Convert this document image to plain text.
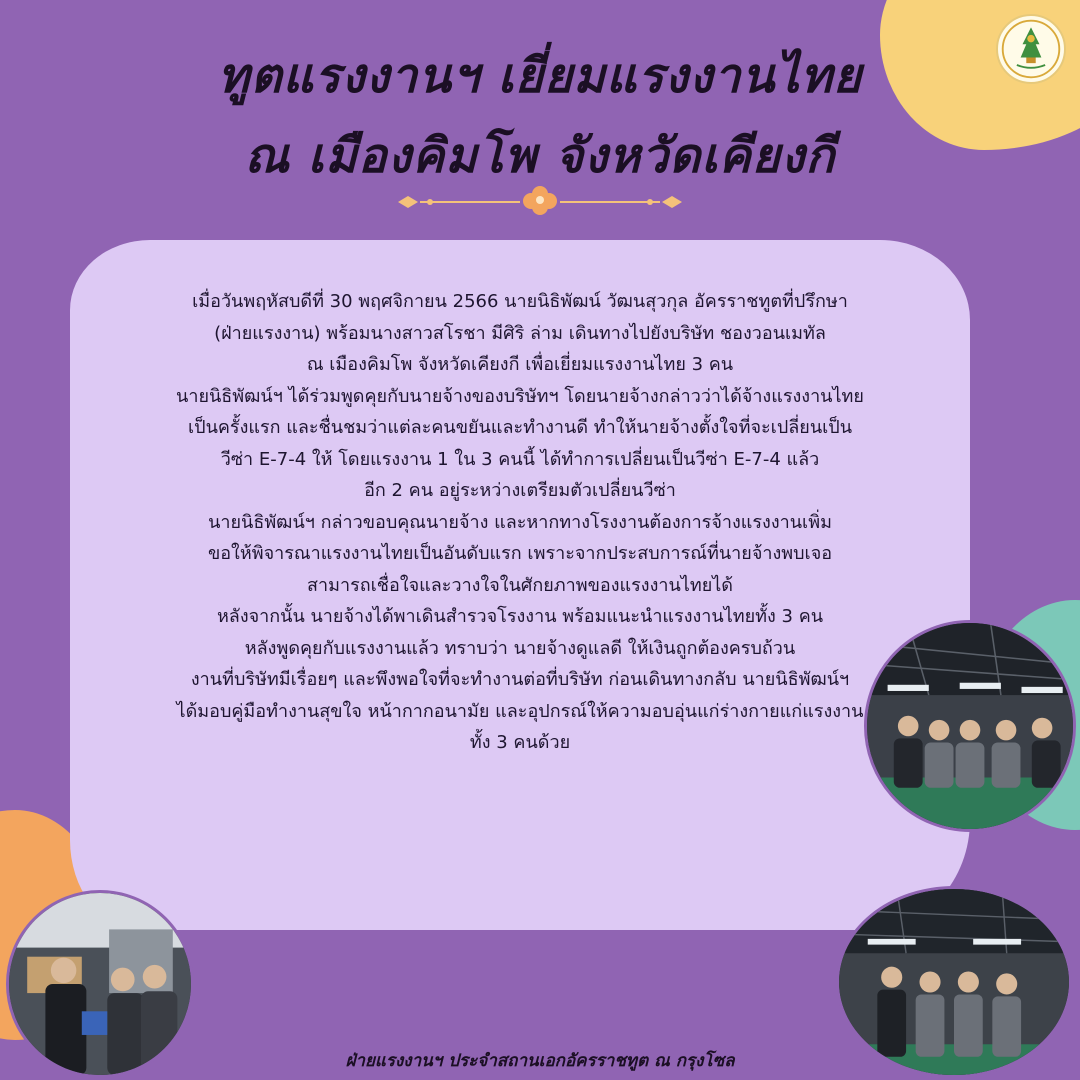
ทูตแรงงานฯ เยี่ยมแรงงานไทย
ณ เมืองคิมโพ จังหวัดเคียงกี

เมื่อวันพฤหัสบดีที่ 30 พฤศจิกายน 2566 นายนิธิพัฒน์ วัฒนสุวกุล อัครราชทูตที่ปรึกษา

(ฝ่ายแรงงาน) พร้อมนางสาวสโรชา มีศิริ ล่าม เดินทางไปยังบริษัท ชองวอนเมทัล

ณ เมืองคิมโพ จังหวัดเคียงกี เพื่อเยี่ยมแรงงานไทย 3 คน

นายนิธิพัฒน์ฯ ได้ร่วมพูดคุยกับนายจ้างของบริษัทฯ โดยนายจ้างกล่าวว่าได้จ้างแรงงานไทย

เป็นครั้งแรก และชื่นชมว่าแต่ละคนขยันและทำงานดี ทำให้นายจ้างตั้งใจที่จะเปลี่ยนเป็น

วีซ่า E-7-4 ให้ โดยแรงงาน 1 ใน 3 คนนี้ ได้ทำการเปลี่ยนเป็นวีซ่า E-7-4 แล้ว

อีก 2 คน อยู่ระหว่างเตรียมตัวเปลี่ยนวีซ่า

นายนิธิพัฒน์ฯ กล่าวขอบคุณนายจ้าง และหากทางโรงงานต้องการจ้างแรงงานเพิ่ม

ขอให้พิจารณาแรงงานไทยเป็นอันดับแรก เพราะจากประสบการณ์ที่นายจ้างพบเจอ

สามารถเชื่อใจและวางใจในศักยภาพของแรงงานไทยได้

หลังจากนั้น นายจ้างได้พาเดินสำรวจโรงงาน พร้อมแนะนำแรงงานไทยทั้ง 3 คน

หลังพูดคุยกับแรงงานแล้ว ทราบว่า นายจ้างดูแลดี ให้เงินถูกต้องครบถ้วน

งานที่บริษัทมีเรื่อยๆ และพึงพอใจที่จะทำงานต่อที่บริษัท ก่อนเดินทางกลับ นายนิธิพัฒน์ฯ

ได้มอบคู่มือทำงานสุขใจ หน้ากากอนามัย และอุปกรณ์ให้ความอบอุ่นแก่ร่างกายแก่แรงงาน

ทั้ง 3 คนด้วย

ฝ่ายแรงงานฯ ประจำสถานเอกอัครราชทูต ณ กรุงโซล
